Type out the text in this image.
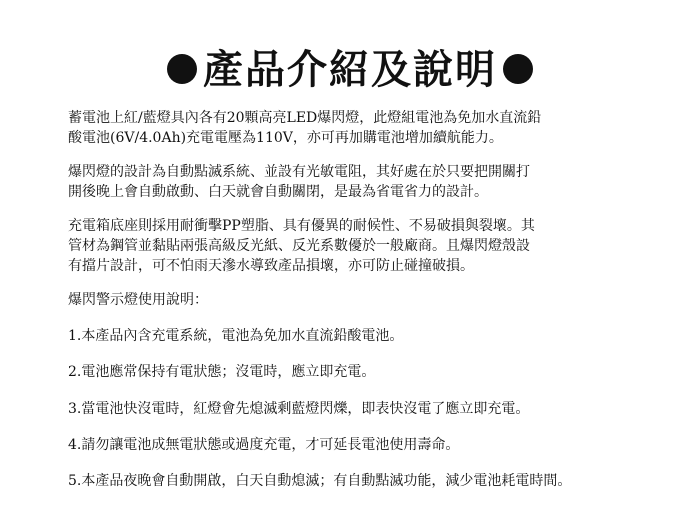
產品介紹及說明
蓄電池上紅/藍燈具內各有20顆高亮LED爆閃燈，此燈組電池為免加水直流鉛
酸電池(6V/4.0Ah)充電電壓為110V，亦可再加購電池增加續航能力。
爆閃燈的設計為自動點滅系統、並設有光敏電阻，其好處在於只要把開關打
開後晚上會自動啟動、白天就會自動關閉，是最為省電省力的設計。
充電箱底座則採用耐衝擊PP塑脂、具有優異的耐候性、不易破損與裂壞。其
管材為鋼管並黏貼兩張高級反光紙、反光系數優於一般廠商。且爆閃燈殼設
有擋片設計，可不怕雨天滲水導致產品損壞，亦可防止碰撞破損。
爆閃警示燈使用說明：
1.本產品內含充電系統，電池為免加水直流鉛酸電池。
2.電池應常保持有電狀態；沒電時，應立即充電。
3.當電池快沒電時，紅燈會先熄滅剩藍燈閃爍，即表快沒電了應立即充電。
4.請勿讓電池成無電狀態或過度充電，才可延長電池使用壽命。
5.本產品夜晚會自動開啟，白天自動熄滅；有自動點滅功能，減少電池耗電時間。
